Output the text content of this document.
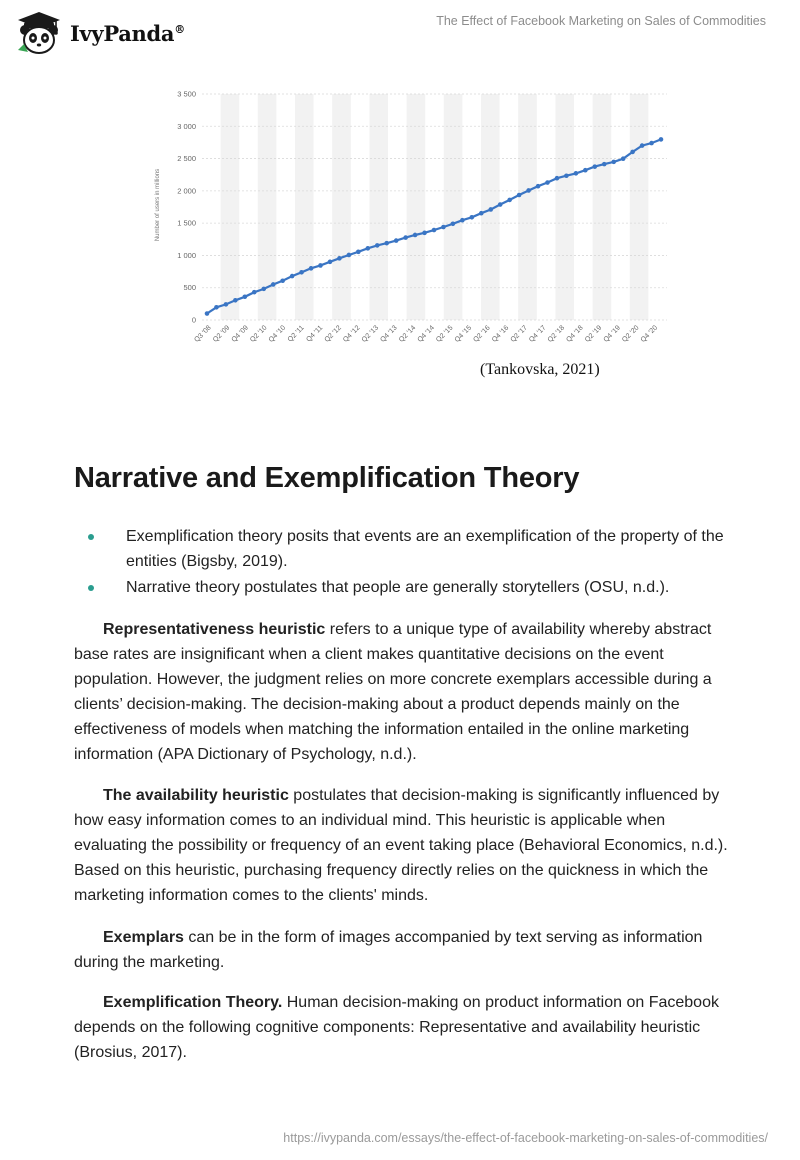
IvyPanda®
The Effect of Facebook Marketing on Sales of Commodities
0
500
1 000
1 500
2 000
2 500
3 000
3 500
Q3 '08 Q2 '09 Q4 '09 Q2 '10 Q4 '10 Q2 '11 Q4 '11 Q2 '12 Q4 '12 Q2 '13 Q4 '13 Q2 '14 Q4 '14 Q2 '15 Q4 '15 Q2 '16 Q4 '16 Q2 '17 Q4 '17 Q2 '18 Q4 '18 Q2 '19 Q4 '19 Q2 '20 Q4 '20
Number of users in millions
(Tankovska, 2021)
Narrative and Exemplification Theory
Exemplification theory posits that events are an exemplification of the property of the entities (Bigsby, 2019).
Narrative theory postulates that people are generally storytellers (OSU, n.d.).

Representativeness heuristic refers to a unique type of availability whereby abstract base rates are insignificant when a client makes quantitative decisions on the event population. However, the judgment relies on more concrete exemplars accessible during a clients’ decision-making. The decision-making about a product depends mainly on the effectiveness of models when matching the information entailed in the online marketing information (APA Dictionary of Psychology, n.d.).

The availability heuristic postulates that decision-making is significantly influenced by how easy information comes to an individual mind. This heuristic is applicable when evaluating the possibility or frequency of an event taking place (Behavioral Economics, n.d.). Based on this heuristic, purchasing frequency directly relies on the quickness in which the marketing information comes to the clients' minds.

Exemplars can be in the form of images accompanied by text serving as information during the marketing.

Exemplification Theory. Human decision-making on product information on Facebook depends on the following cognitive components: Representative and availability heuristic (Brosius, 2017).

https://ivypanda.com/essays/the-effect-of-facebook-marketing-on-sales-of-commodities/
